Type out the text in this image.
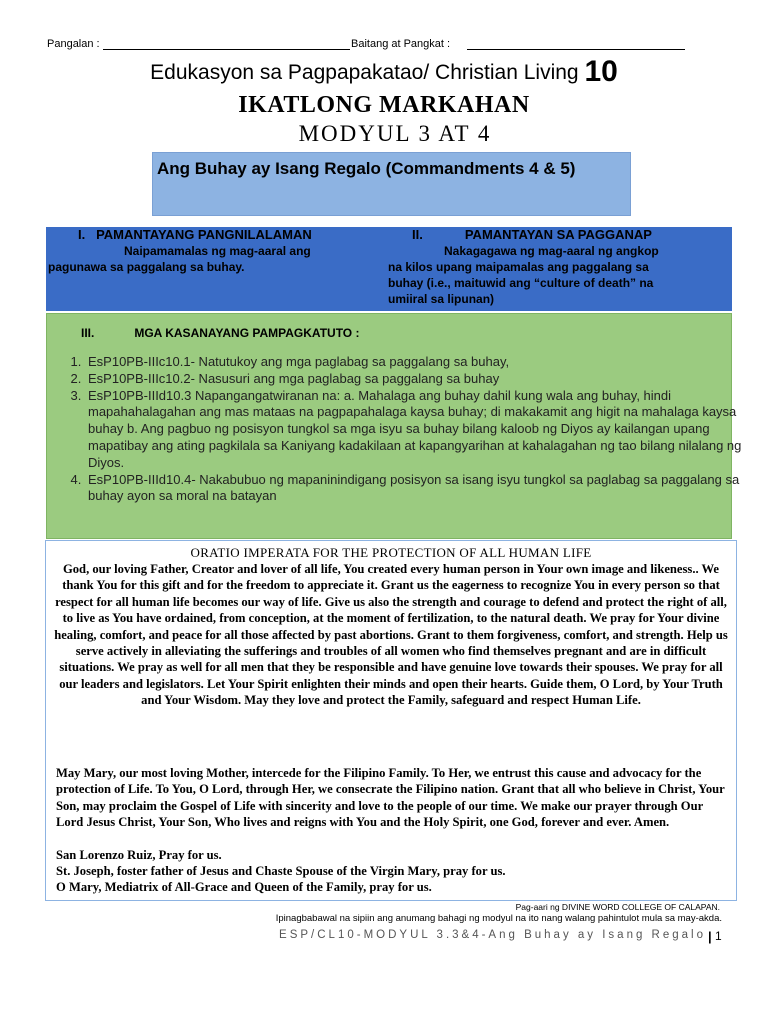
Pangalan :	Baitang at Pangkat :
Edukasyon sa Pagpapakatao/ Christian Living 10
IKATLONG MARKAHAN
MODYUL 3 AT 4
Ang Buhay ay Isang Regalo (Commandments 4 & 5)
I. PAMANTAYANG PANGNILALAMAN
Naipamamalas ng mag-aaral ang
pagunawa sa paggalang sa buhay.
II.	PAMANTAYAN SA PAGGANAP
Nakagagawa ng mag-aaral ng angkop
na kilos upang maipamalas ang paggalang sa
buhay (i.e., maituwid ang “culture of death” na
umiiral sa lipunan)
III.	MGA KASANAYANG PAMPAGKATUTO :
1. EsP10PB-IIIc10.1- Natutukoy ang mga paglabag sa paggalang sa buhay,
2. EsP10PB-IIIc10.2- Nasusuri ang mga paglabag sa paggalang sa buhay
3. EsP10PB-IIId10.3 Napangangatwiranan na: a. Mahalaga ang buhay dahil kung wala ang buhay, hindi mapahahalagahan ang mas mataas na pagpapahalaga kaysa buhay; di makakamit ang higit na mahalaga kaysa buhay b. Ang pagbuo ng posisyon tungkol sa mga isyu sa buhay bilang kaloob ng Diyos ay kailangan upang mapatibay ang ating pagkilala sa Kaniyang kadakilaan at kapangyarihan at kahalagahan ng tao bilang nilalang ng Diyos.
4. EsP10PB-IIId10.4- Nakabubuo ng mapaninindigang posisyon sa isang isyu tungkol sa paglabag sa paggalang sa buhay ayon sa moral na batayan
ORATIO IMPERATA FOR THE PROTECTION OF ALL HUMAN LIFE

God, our loving Father, Creator and lover of all life, You created every human person in Your own image and likeness.. We thank You for this gift and for the freedom to appreciate it. Grant us the eagerness to recognize You in every person so that respect for all human life becomes our way of life. Give us also the strength and courage to defend and protect the right of all, to live as You have ordained, from conception, at the moment of fertilization, to the natural death. We pray for Your divine healing, comfort, and peace for all those affected by past abortions. Grant to them forgiveness, comfort, and strength. Help us serve actively in alleviating the sufferings and troubles of all women who find themselves pregnant and are in difficult situations. We pray as well for all men that they be responsible and have genuine love towards their spouses. We pray for all our leaders and legislators. Let Your Spirit enlighten their minds and open their hearts. Guide them, O Lord, by Your Truth and Your Wisdom. May they love and protect the Family, safeguard and respect Human Life.

May Mary, our most loving Mother, intercede for the Filipino Family. To Her, we entrust this cause and advocacy for the protection of Life. To You, O Lord, through Her, we consecrate the Filipino nation. Grant that all who believe in Christ, Your Son, may proclaim the Gospel of Life with sincerity and love to the people of our time. We make our prayer through Our Lord Jesus Christ, Your Son, Who lives and reigns with You and the Holy Spirit, one God, forever and ever. Amen.

San Lorenzo Ruiz, Pray for us.

St. Joseph, foster father of Jesus and Chaste Spouse of the Virgin Mary, pray for us.

O Mary, Mediatrix of All-Grace and Queen of the Family, pray for us.

Pag-aari ng DIVINE WORD COLLEGE OF CALAPAN.
Ipinagbabawal na sipiin ang anumang bahagi ng modyul na ito nang walang pahintulot mula sa may-akda.
ESP/CL10-MODYUL 3.3&4-Ang Buhay ay Isang Regalo | 1
